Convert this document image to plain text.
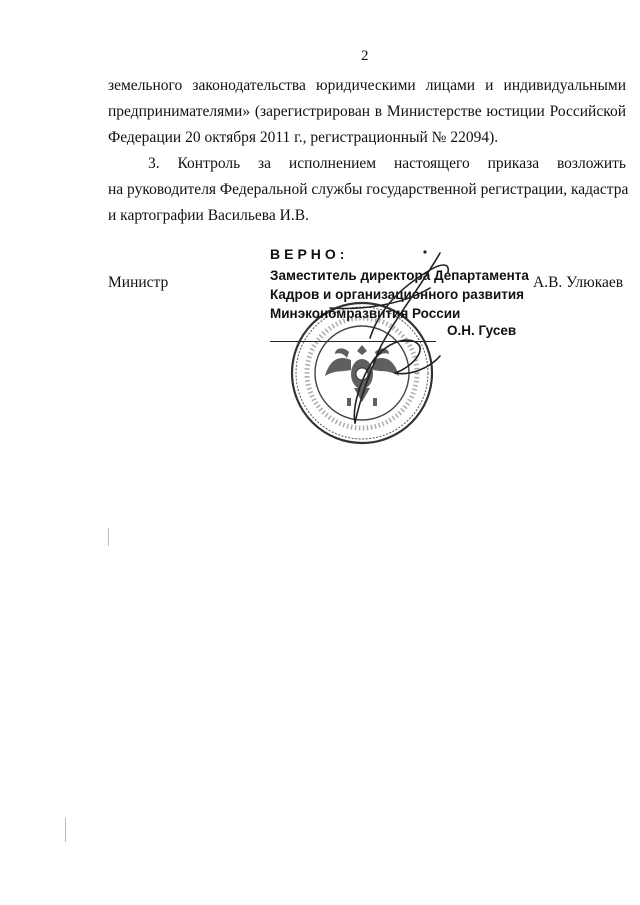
2
земельного законодательства юридическими лицами и индивидуальными
предпринимателями» (зарегистрирован в Министерстве юстиции Российской
Федерации 20 октября 2011 г., регистрационный № 22094).
3. Контроль за исполнением настоящего приказа возложить
на руководителя Федеральной службы государственной регистрации, кадастра
и картографии Васильева И.В.
Министр	А.В. Улюкаев
ВЕРНО:
Заместитель директора Департамента
Кадров и организационного развития
Минэкономразвития России
О.Н. Гусев
